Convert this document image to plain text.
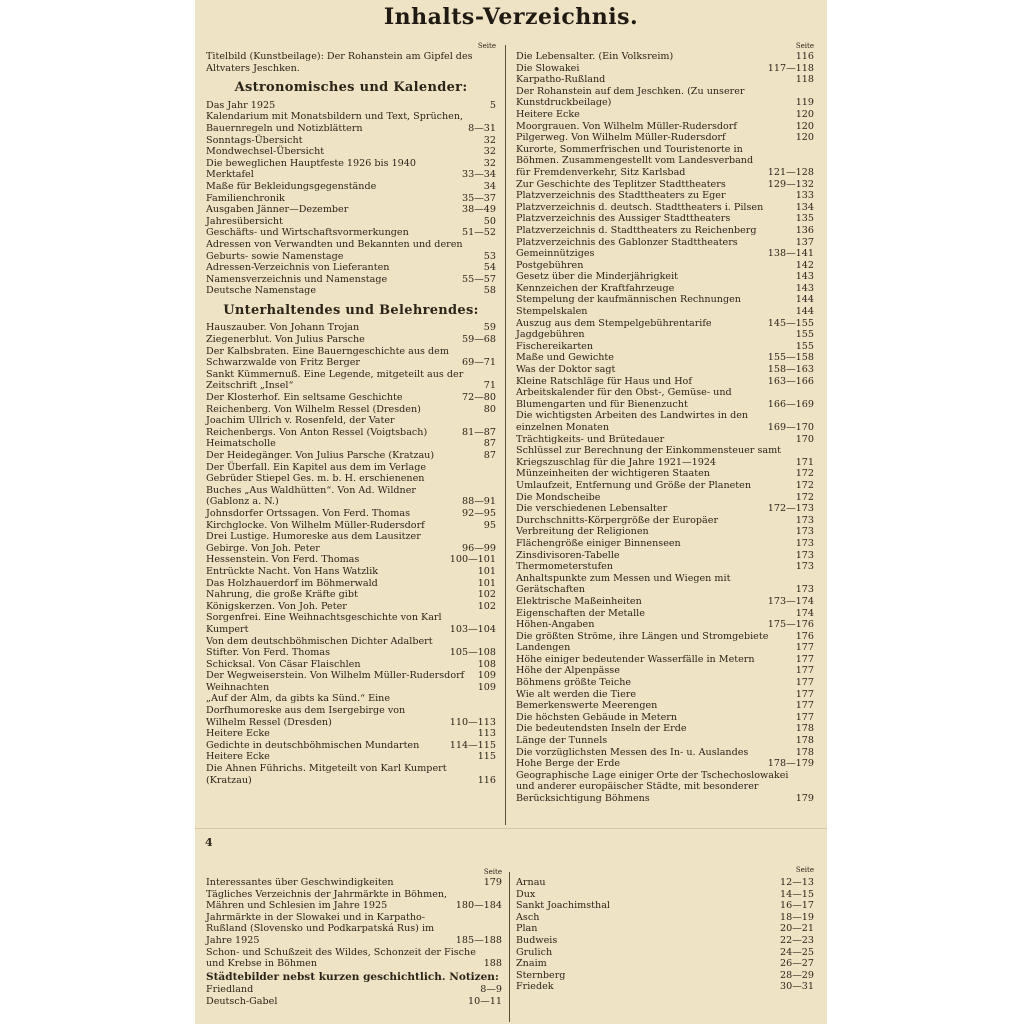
Inhalts-Verzeichnis.
Seite
Titelbild (Kunstbeilage): Der Rohanstein am Gipfel des Altvaters Jeschken.
Astronomisches und Kalender:
Das Jahr 1925	5
Kalendarium mit Monatsbildern und Text, Sprüchen, Bauernregeln und Notizblättern	8—31
Sonntags-Übersicht	32
Mondwechsel-Übersicht	32
Die beweglichen Hauptfeste 1926 bis 1940	32
Merktafel	33—34
Maße für Bekleidungsgegenstände	34
Familienchronik	35—37
Ausgaben Jänner—Dezember	38—49
Jahresübersicht	50
Geschäfts- und Wirtschaftsvormerkungen	51—52
Adressen von Verwandten und Bekannten und deren Geburts- sowie Namenstage	53
Adressen-Verzeichnis von Lieferanten	54
Namensverzeichnis und Namenstage	55—57
Deutsche Namenstage	58
Unterhaltendes und Belehrendes:
Hauszauber. Von Johann Trojan	59
Ziegenerblut. Von Julius Parsche	59—68
Der Kalbsbraten. Eine Bauerngeschichte aus dem Schwarzwalde von Fritz Berger	69—71
Sankt Kümmernuß. Eine Legende, mitgeteilt aus der Zeitschrift „Insel“	71
Der Klosterhof. Ein seltsame Geschichte	72—80
Reichenberg. Von Wilhelm Ressel (Dresden)	80
Joachim Ullrich v. Rosenfeld, der Vater Reichenbergs. Von Anton Ressel (Voigtsbach)	81—87
Heimatscholle	87
Der Heidegänger. Von Julius Parsche (Kratzau)	87
Der Überfall. Ein Kapitel aus dem im Verlage Gebrüder Stiepel Ges. m. b. H. erschienenen Buches „Aus Waldhütten“. Von Ad. Wildner (Gablonz a. N.)	88—91
Johnsdorfer Ortssagen. Von Ferd. Thomas	92—95
Kirchglocke. Von Wilhelm Müller-Rudersdorf	95
Drei Lustige. Humoreske aus dem Lausitzer Gebirge. Von Joh. Peter	96—99
Hessenstein. Von Ferd. Thomas	100—101
Entrückte Nacht. Von Hans Watzlik	101
Das Holzhauerdorf im Böhmerwald	101
Nahrung, die große Kräfte gibt	102
Königskerzen. Von Joh. Peter	102
Sorgenfrei. Eine Weihnachtsgeschichte von Karl Kumpert	103—104
Von dem deutschböhmischen Dichter Adalbert Stifter. Von Ferd. Thomas	105—108
Schicksal. Von Cäsar Flaischlen	108
Der Wegweiserstein. Von Wilhelm Müller-Rudersdorf	109
Weihnachten	109
„Auf der Alm, da gibts ka Sünd.“ Eine Dorfhumoreske aus dem Isergebirge von Wilhelm Ressel (Dresden)	110—113
Heitere Ecke	113
Gedichte in deutschböhmischen Mundarten	114—115
Heitere Ecke	115
Die Ahnen Führichs. Mitgeteilt von Karl Kumpert (Kratzau)	116
Seite
Die Lebensalter. (Ein Volksreim)	116
Die Slowakei	117—118
Karpatho-Rußland	118
Der Rohanstein auf dem Jeschken. (Zu unserer Kunstdruckbeilage)	119
Heitere Ecke	120
Moorgrauen. Von Wilhelm Müller-Rudersdorf	120
Pilgerweg. Von Wilhelm Müller-Rudersdorf	120
Kurorte, Sommerfrischen und Touristenorte in Böhmen. Zusammengestellt vom Landesverband für Fremdenverkehr, Sitz Karlsbad	121—128
Zur Geschichte des Teplitzer Stadttheaters	129—132
Platzverzeichnis des Stadttheaters zu Eger	133
Platzverzeichnis d. deutsch. Stadttheaters i. Pilsen	134
Platzverzeichnis des Aussiger Stadttheaters	135
Platzverzeichnis d. Stadttheaters zu Reichenberg	136
Platzverzeichnis des Gablonzer Stadttheaters	137
Gemeinnütziges	138—141
Postgebühren	142
Gesetz über die Minderjährigkeit	143
Kennzeichen der Kraftfahrzeuge	143
Stempelung der kaufmännischen Rechnungen	144
Stempelskalen	144
Auszug aus dem Stempelgebührentarife	145—155
Jagdgebühren	155
Fischereikarten	155
Maße und Gewichte	155—158
Was der Doktor sagt	158—163
Kleine Ratschläge für Haus und Hof	163—166
Arbeitskalender für den Obst-, Gemüse- und Blumengarten und für Bienenzucht	166—169
Die wichtigsten Arbeiten des Landwirtes in den einzelnen Monaten	169—170
Trächtigkeits- und Brütedauer	170
Schlüssel zur Berechnung der Einkommensteuer samt Kriegszuschlag für die Jahre 1921—1924	171
Münzeinheiten der wichtigeren Staaten	172
Umlaufzeit, Entfernung und Größe der Planeten	172
Die Mondscheibe	172
Die verschiedenen Lebensalter	172—173
Durchschnitts-Körpergröße der Europäer	173
Verbreitung der Religionen	173
Flächengröße einiger Binnenseen	173
Zinsdivisoren-Tabelle	173
Thermometerstufen	173
Anhaltspunkte zum Messen und Wiegen mit Gerätschaften	173
Elektrische Maßeinheiten	173—174
Eigenschaften der Metalle	174
Höhen-Angaben	175—176
Die größten Ströme, ihre Längen und Stromgebiete	176
Landengen	177
Höhe einiger bedeutender Wasserfälle in Metern	177
Höhe der Alpenpässe	177
Böhmens größte Teiche	177
Wie alt werden die Tiere	177
Bemerkenswerte Meerengen	177
Die höchsten Gebäude in Metern	177
Die bedeutendsten Inseln der Erde	178
Länge der Tunnels	178
Die vorzüglichsten Messen des In- u. Auslandes	178
Hohe Berge der Erde	178—179
Geographische Lage einiger Orte der Tschechoslowakei und anderer europäischer Städte, mit besonderer Berücksichtigung Böhmens	179
4
Seite
Interessantes über Geschwindigkeiten	179
Tägliches Verzeichnis der Jahrmärkte in Böhmen, Mähren und Schlesien im Jahre 1925	180—184
Jahrmärkte in der Slowakei und in Karpatho-Rußland (Slovensko und Podkarpatská Rus) im Jahre 1925	185—188
Schon- und Schußzeit des Wildes, Schonzeit der Fische und Krebse in Böhmen	188
Städtebilder nebst kurzen geschichtlich. Notizen:
Friedland	8—9
Deutsch-Gabel	10—11
Seite
Arnau	12—13
Dux	14—15
Sankt Joachimsthal	16—17
Asch	18—19
Plan	20—21
Budweis	22—23
Grulich	24—25
Znaim	26—27
Sternberg	28—29
Friedek	30—31
